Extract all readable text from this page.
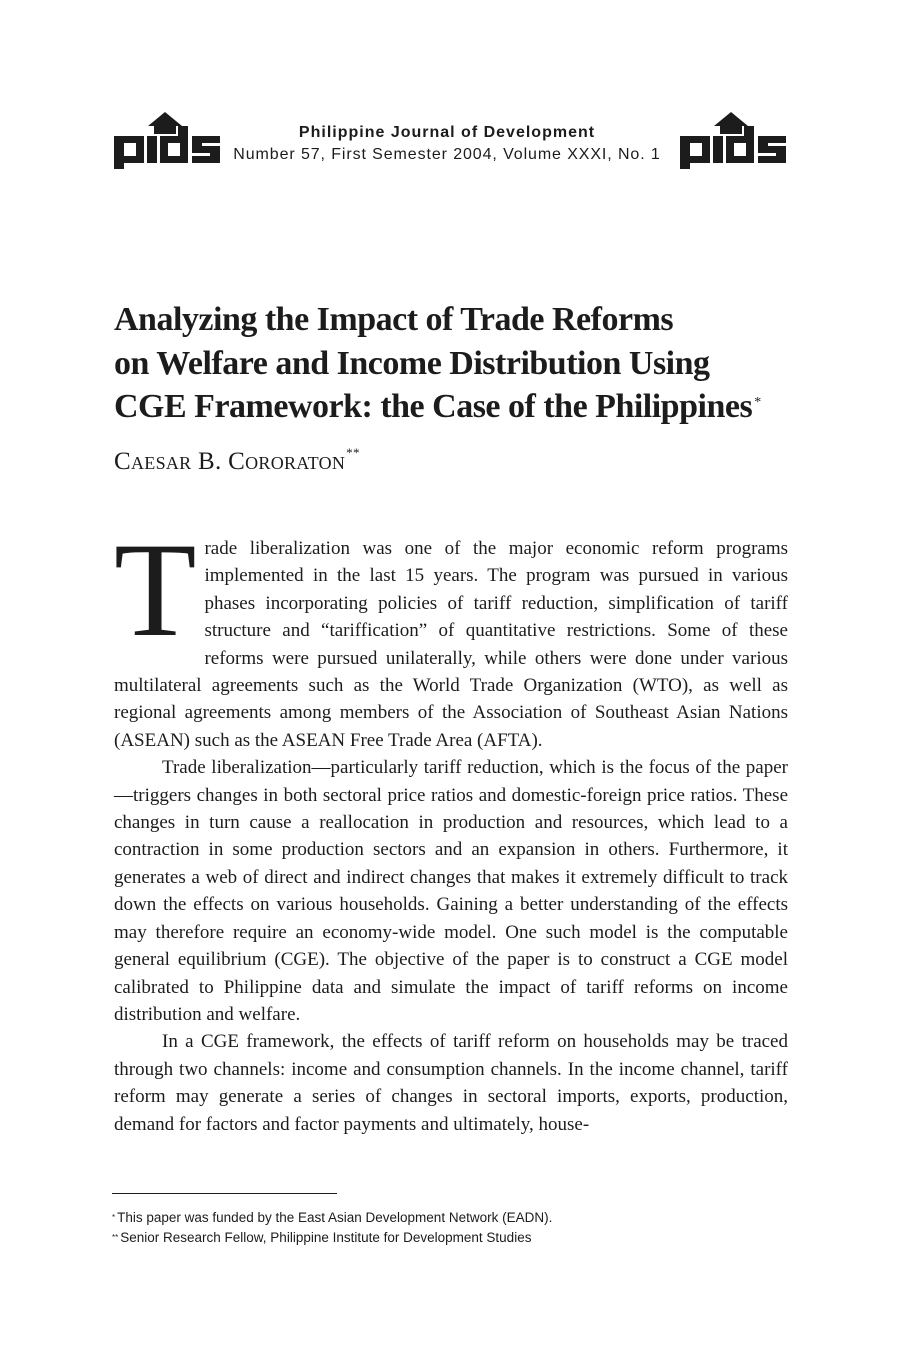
Philippine Journal of Development
Number 57, First Semester 2004, Volume XXXI, No. 1
Analyzing the Impact of Trade Reforms
on Welfare and Income Distribution Using
CGE Framework: the Case of the Philippines *
Caesar B. Cororaton**

Trade liberalization was one of the major economic reform programs implemented in the last 15 years. The program was pursued in various phases incorporating policies of tariff reduction, simplification of tariff structure and “tariffication” of quantitative restrictions. Some of these reforms were pursued unilaterally, while others were done under various multilateral agreements such as the World Trade Organization (WTO), as well as regional agreements among members of the Association of Southeast Asian Nations (ASEAN) such as the ASEAN Free Trade Area (AFTA).

Trade liberalization—particularly tariff reduction, which is the focus of the paper—triggers changes in both sectoral price ratios and domestic-foreign price ratios. These changes in turn cause a reallocation in production and resources, which lead to a contraction in some production sectors and an expansion in others. Furthermore, it generates a web of direct and indirect changes that makes it extremely difficult to track down the effects on various households. Gaining a better understanding of the effects may therefore require an economy-wide model. One such model is the computable general equilibrium (CGE). The objective of the paper is to construct a CGE model calibrated to Philippine data and simulate the impact of tariff reforms on income distribution and welfare.

In a CGE framework, the effects of tariff reform on households may be traced through two channels: income and consumption channels. In the income channel, tariff reform may generate a series of changes in sectoral imports, exports, production, demand for factors and factor payments and ultimately, house-

* This paper was funded by the East Asian Development Network (EADN).
** Senior Research Fellow, Philippine Institute for Development Studies
